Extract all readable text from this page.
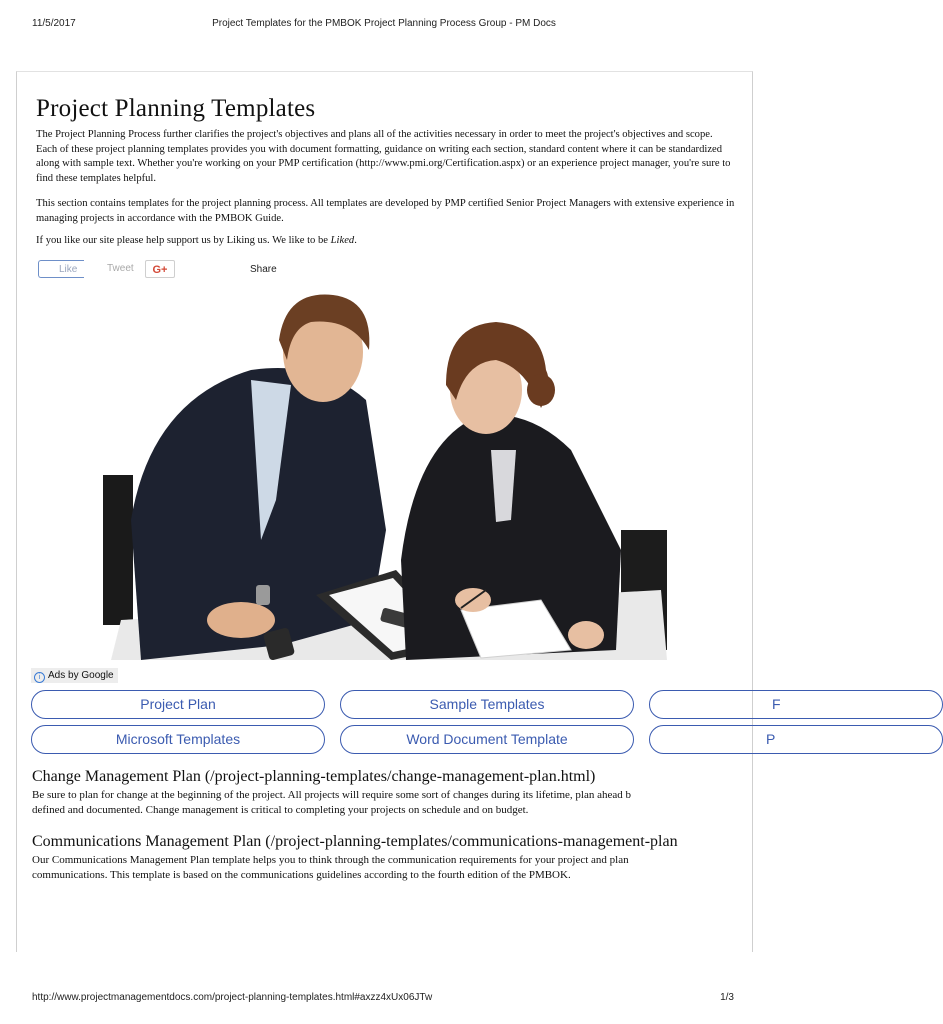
11/5/2017	Project Templates for the PMBOK Project Planning Process Group - PM Docs
Project Planning Templates

The Project Planning Process further clarifies the project's objectives and plans all of the activities necessary in order to meet the project's objectives and scope. Each of these project planning templates provides you with document formatting, guidance on writing each section, standard content where it can be standardized along with sample text. Whether you're working on your PMP certification (http://www.pmi.org/Certification.aspx) or an experience project manager, you're sure to find these templates helpful.

This section contains templates for the project planning process. All templates are developed by PMP certified Senior Project Managers with extensive experience in managing projects in accordance with the PMBOK Guide.

If you like our site please help support us by Liking us. We like to be Liked.

Like	Tweet	G+	Share
i Ads by Google
Project Plan	Sample Templates	F
Microsoft Templates	Word Document Template	P
Change Management Plan (/project-planning-templates/change-management-plan.html)

Be sure to plan for change at the beginning of the project. All projects will require some sort of changes during its lifetime, plan ahead b

defined and documented. Change management is critical to completing your projects on schedule and on budget.

Communications Management Plan (/project-planning-templates/communications-management-plan

Our Communications Management Plan template helps you to think through the communication requirements for your project and plan

communications. This template is based on the communications guidelines according to the fourth edition of the PMBOK.

http://www.projectmanagementdocs.com/project-planning-templates.html#axzz4xUx06JTw	1/3
